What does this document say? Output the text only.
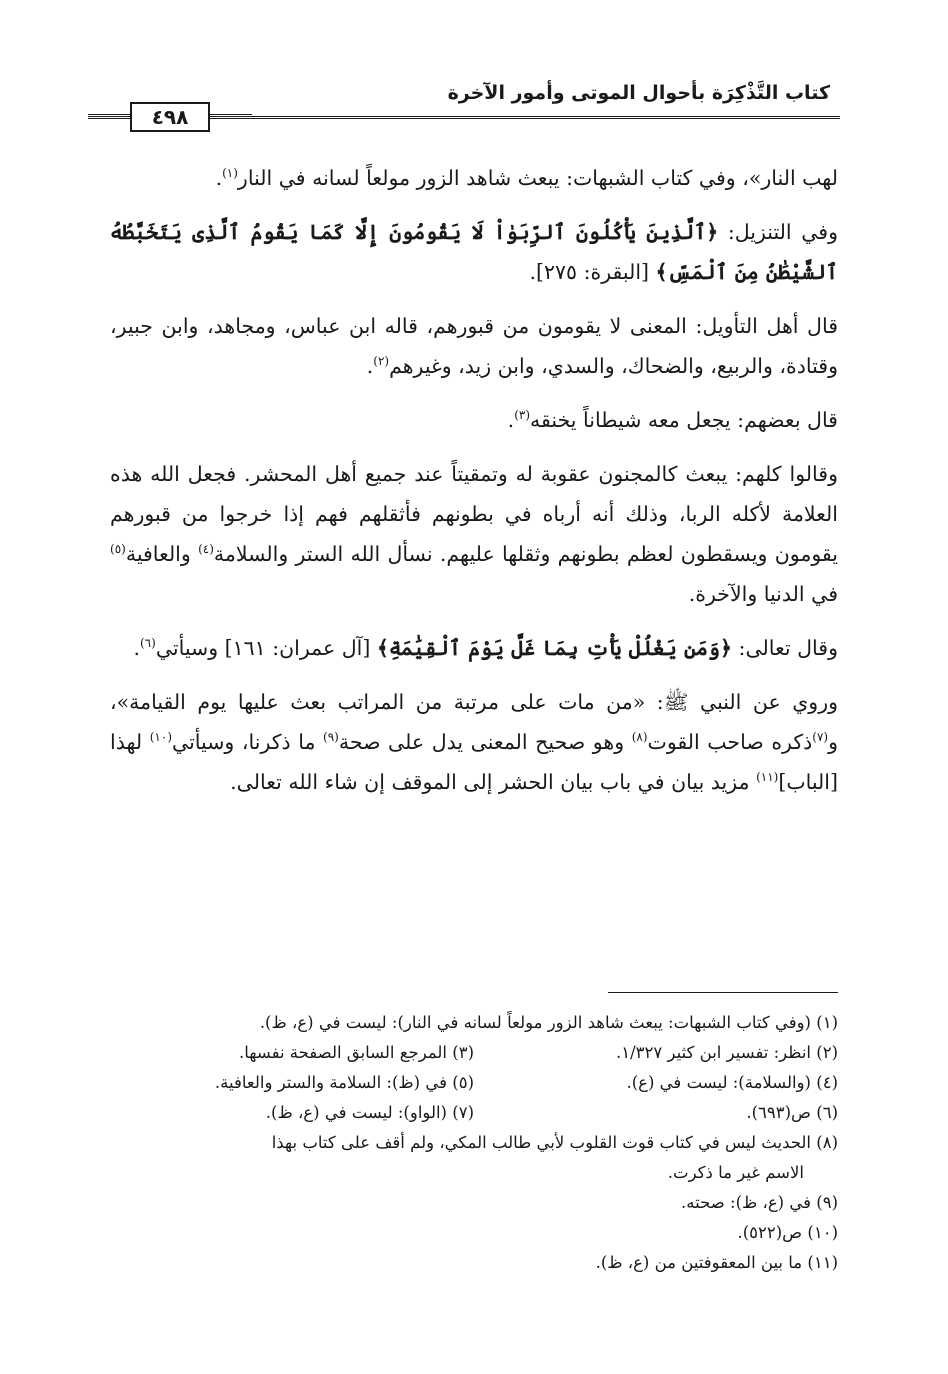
كتاب التَّذْكِرَة بأحوال الموتى وأمور الآخرة
٤٩٨

لهب النار»، وفي كتاب الشبهات: يبعث شاهد الزور مولعاً لسانه في النار$^{(١)}$.

وفي التنزيل: ﴿ٱلَّذِينَ يَأْكُلُونَ ٱلرِّبَوٰاْ لَا يَقُومُونَ إِلَّا كَمَا يَقُومُ ٱلَّذِى يَتَخَبَّطُهُ ٱلشَّيْطَٰنُ مِنَ ٱلْمَسِّ﴾ [البقرة: ٢٧٥].

قال أهل التأويل: المعنى لا يقومون من قبورهم، قاله ابن عباس، ومجاهد، وابن جبير، وقتادة، والربيع، والضحاك، والسدي، وابن زيد، وغيرهم$^{(٢)}$.

قال بعضهم: يجعل معه شيطاناً يخنقه$^{(٣)}$.

وقالوا كلهم: يبعث كالمجنون عقوبة له وتمقيتاً عند جميع أهل المحشر. فجعل الله هذه العلامة لأكله الربا، وذلك أنه أرباه في بطونهم فأثقلهم فهم إذا خرجوا من قبورهم يقومون ويسقطون لعظم بطونهم وثقلها عليهم. نسأل الله الستر والسلامة$^{(٤)}$ والعافية$^{(٥)}$ في الدنيا والآخرة.

وقال تعالى: ﴿وَمَن يَغْلُلْ يَأْتِ بِمَا غَلَّ يَوْمَ ٱلْقِيَٰمَةِ﴾ [آل عمران: ١٦١] وسيأتي$^{(٦)}$.

وروي عن النبي ﷺ: «من مات على مرتبة من المراتب بعث عليها يوم القيامة»، و$^{(٧)}$ذكره صاحب القوت$^{(٨)}$ وهو صحيح المعنى يدل على صحة$^{(٩)}$ ما ذكرنا، وسيأتي$^{(١٠)}$ لهذا [الباب]$^{(١١)}$ مزيد بيان في باب بيان الحشر إلى الموقف إن شاء الله تعالى.

(١) (وفي كتاب الشبهات: يبعث شاهد الزور مولعاً لسانه في النار): ليست في (ع، ظ).
(٢) انظر: تفسير ابن كثير ١/٣٢٧.
(٣) المرجع السابق الصفحة نفسها.
(٤) (والسلامة): ليست في (ع).
(٥) في (ظ): السلامة والستر والعافية.
(٦) ص(٦٩٣).
(٧) (الواو): ليست في (ع، ظ).
(٨) الحديث ليس في كتاب قوت القلوب لأبي طالب المكي، ولم أقف على كتاب بهذا
الاسم غير ما ذكرت.
(٩) في (ع، ظ): صحته.
(١٠) ص(٥٢٢).
(١١) ما بين المعقوفتين من (ع، ظ).
